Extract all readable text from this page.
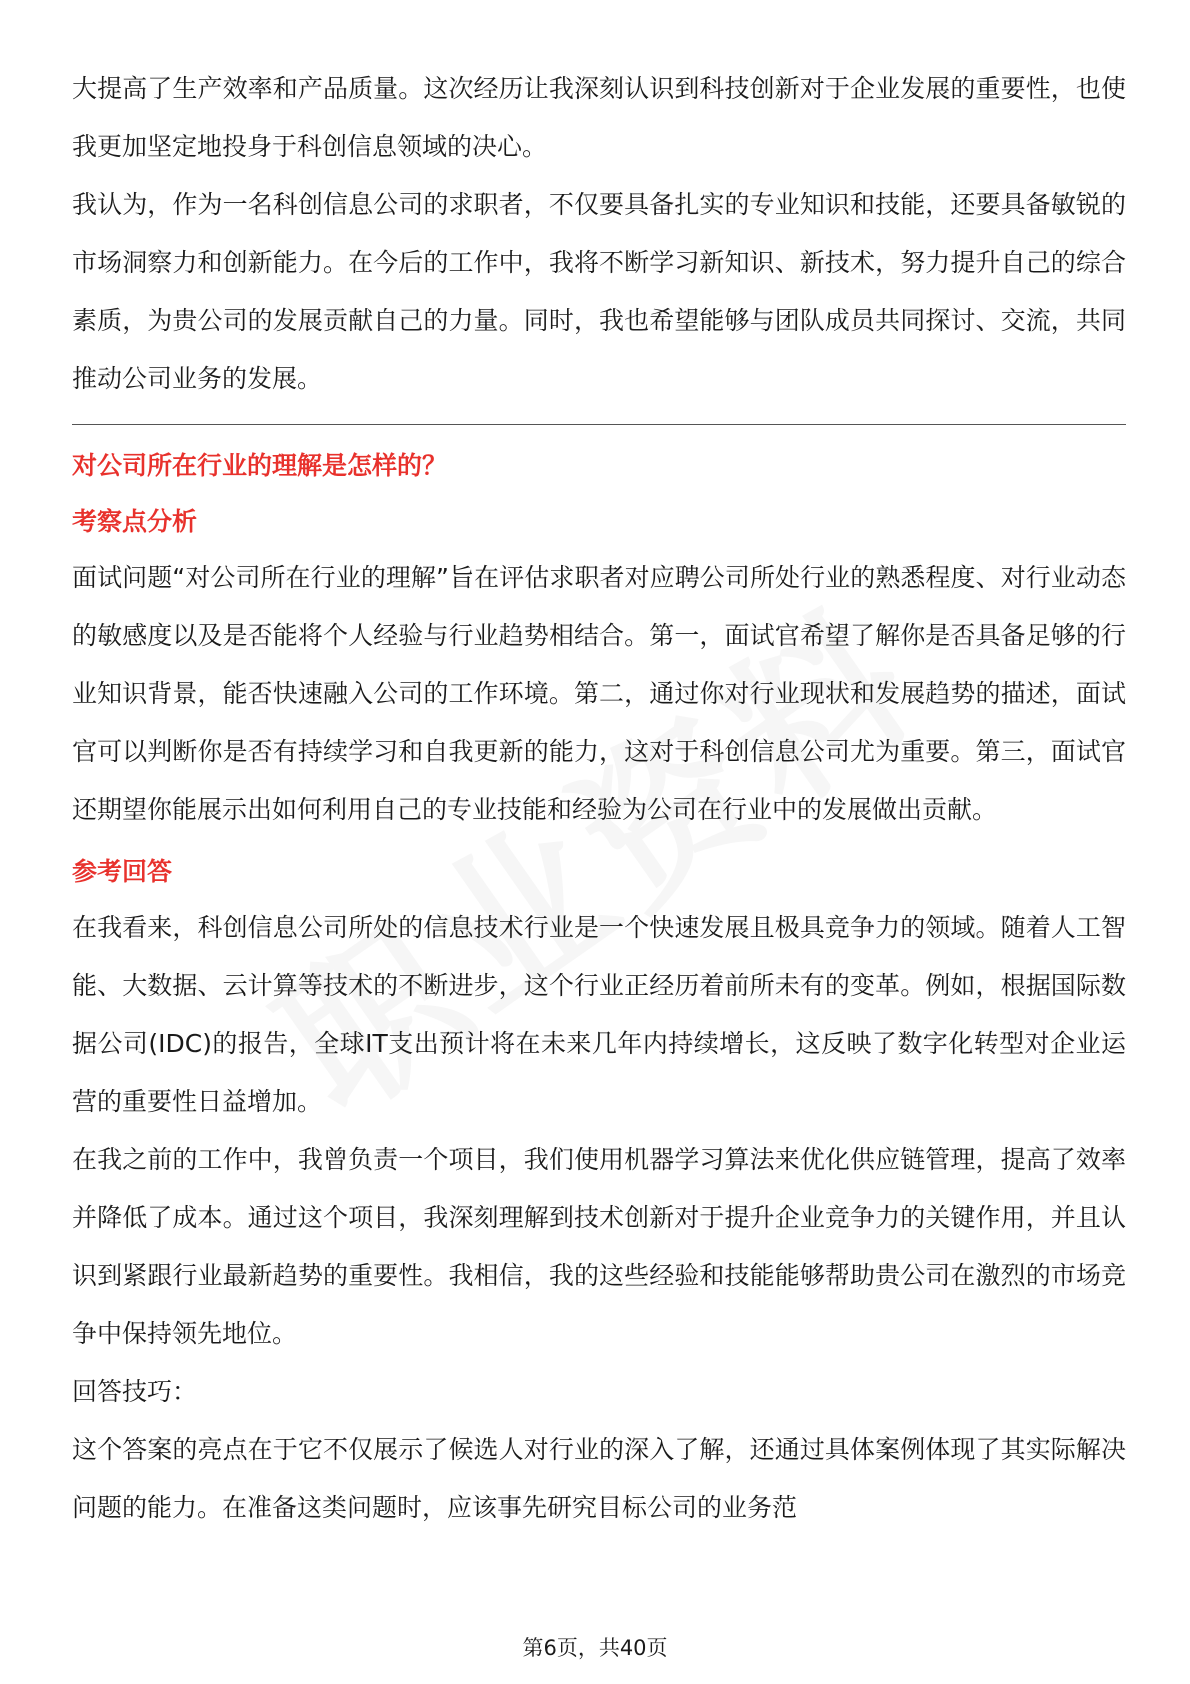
大提高了生产效率和产品质量。这次经历让我深刻认识到科技创新对于企业发展的重要性，也使我更加坚定地投身于科创信息领域的决心。

我认为，作为一名科创信息公司的求职者，不仅要具备扎实的专业知识和技能，还要具备敏锐的市场洞察力和创新能力。在今后的工作中，我将不断学习新知识、新技术，努力提升自己的综合素质，为贵公司的发展贡献自己的力量。同时，我也希望能够与团队成员共同探讨、交流，共同推动公司业务的发展。

对公司所在行业的理解是怎样的？

考察点分析

面试问题“对公司所在行业的理解”旨在评估求职者对应聘公司所处行业的熟悉程度、对行业动态的敏感度以及是否能将个人经验与行业趋势相结合。第一，面试官希望了解你是否具备足够的行业知识背景，能否快速融入公司的工作环境。第二，通过你对行业现状和发展趋势的描述，面试官可以判断你是否有持续学习和自我更新的能力，这对于科创信息公司尤为重要。第三，面试官还期望你能展示出如何利用自己的专业技能和经验为公司在行业中的发展做出贡献。

参考回答

在我看来，科创信息公司所处的信息技术行业是一个快速发展且极具竞争力的领域。随着人工智能、大数据、云计算等技术的不断进步，这个行业正经历着前所未有的变革。例如，根据国际数据公司(IDC)的报告，全球IT支出预计将在未来几年内持续增长，这反映了数字化转型对企业运营的重要性日益增加。

在我之前的工作中，我曾负责一个项目，我们使用机器学习算法来优化供应链管理，提高了效率并降低了成本。通过这个项目，我深刻理解到技术创新对于提升企业竞争力的关键作用，并且认识到紧跟行业最新趋势的重要性。我相信，我的这些经验和技能能够帮助贵公司在激烈的市场竞争中保持领先地位。

回答技巧：

这个答案的亮点在于它不仅展示了候选人对行业的深入了解，还通过具体案例体现了其实际解决问题的能力。在准备这类问题时，应该事先研究目标公司的业务范

第6页，共40页
